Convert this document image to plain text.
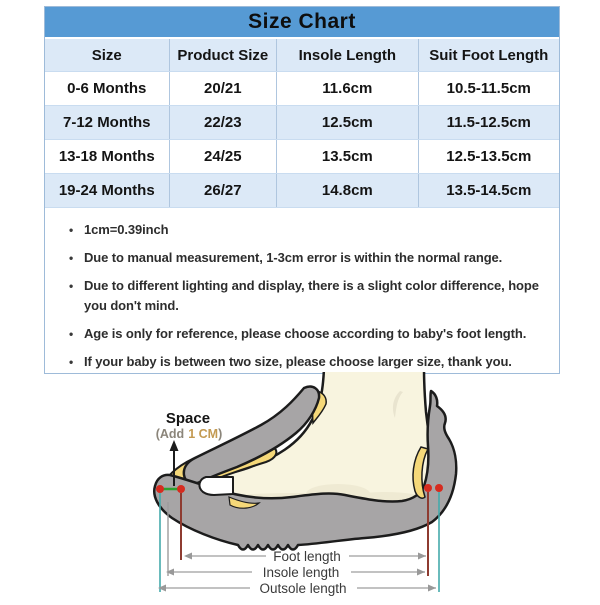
Size Chart
Size	Product Size	Insole Length	Suit Foot Length
0-6 Months	20/21	11.6cm	10.5-11.5cm
7-12 Months	22/23	12.5cm	11.5-12.5cm
13-18 Months	24/25	13.5cm	12.5-13.5cm
19-24 Months	26/27	14.8cm	13.5-14.5cm
• 1cm=0.39inch
• Due to manual measurement, 1-3cm error is within the normal range.
• Due to different lighting and display, there is a slight color difference, hope you don't mind.
• Age is only for reference, please choose according to baby's foot length.
• If your baby is between two size, please choose larger size, thank you.
Space
(Add 1 CM)
Foot length
Insole length
Outsole length
